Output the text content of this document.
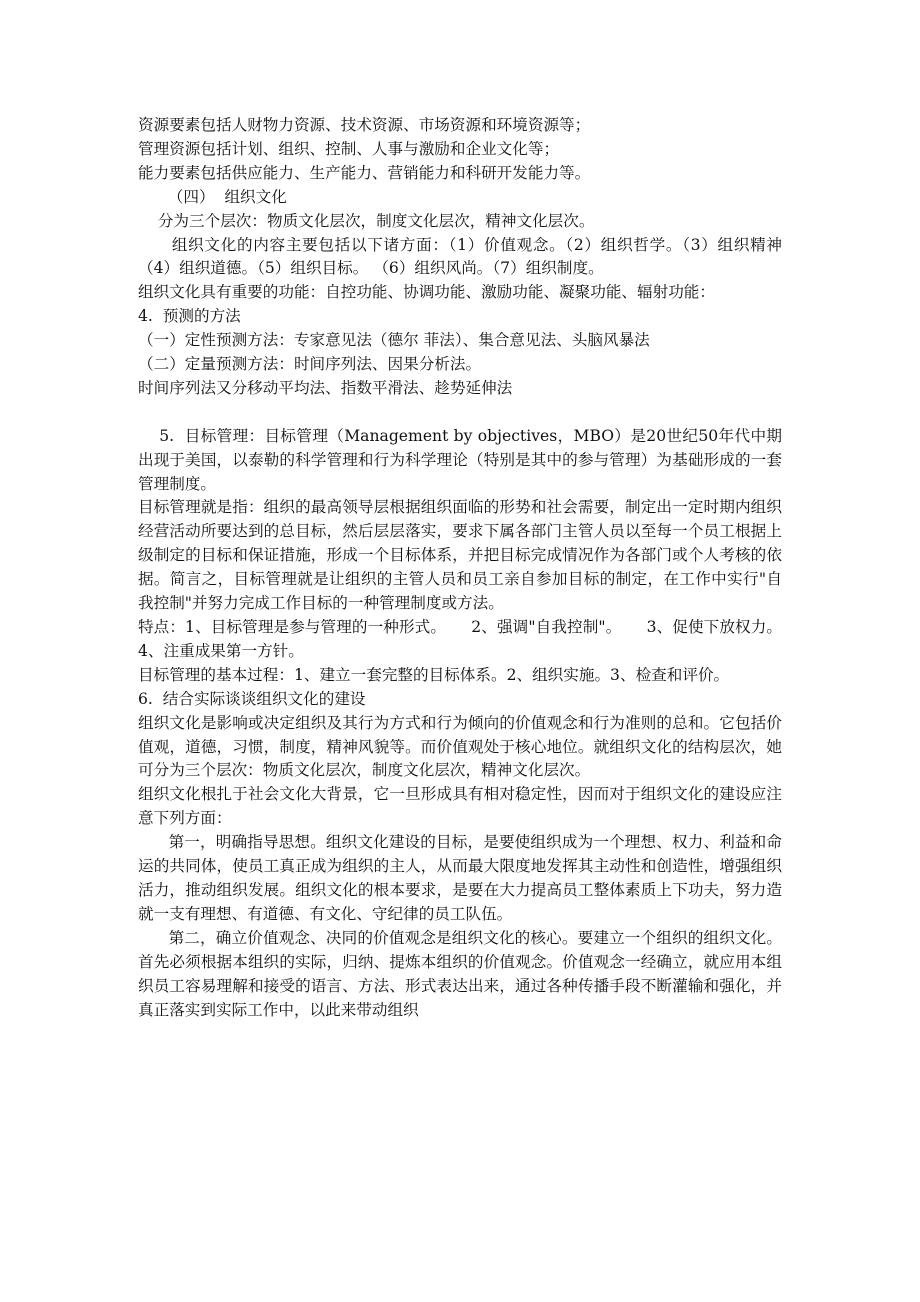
资源要素包括人财物力资源、技术资源、市场资源和环境资源等；

管理资源包括计划、组织、控制、人事与激励和企业文化等；

能力要素包括供应能力、生产能力、营销能力和科研开发能力等。

（四）  组织文化

分为三个层次：物质文化层次，制度文化层次，精神文化层次。

组织文化的内容主要包括以下诸方面：（1）价值观念。（2）组织哲学。（3）组织精神（4）组织道德。（5）组织目标。 （6）组织风尚。（7）组织制度。

组织文化具有重要的功能：自控功能、协调功能、激励功能、凝聚功能、辐射功能：

4.  预测的方法

（一）定性预测方法：专家意见法（德尔 菲法）、集合意见法、头脑风暴法

（二）定量预测方法：时间序列法、因果分析法。

时间序列法又分移动平均法、指数平滑法、趁势延伸法

5.  目标管理：目标管理（Management by objectives，MBO）是20世纪50年代中期出现于美国，以泰勒的科学管理和行为科学理论（特别是其中的参与管理）为基础形成的一套管理制度。

目标管理就是指：组织的最高领导层根据组织面临的形势和社会需要，制定出一定时期内组织经营活动所要达到的总目标，然后层层落实，要求下属各部门主管人员以至每一个员工根据上级制定的目标和保证措施，形成一个目标体系，并把目标完成情况作为各部门或个人考核的依据。简言之，目标管理就是让组织的主管人员和员工亲自参加目标的制定，在工作中实行"自我控制"并努力完成工作目标的一种管理制度或方法。

特点：1、目标管理是参与管理的一种形式。     2、强调"自我控制"。     3、促使下放权力。   4、注重成果第一方针。

目标管理的基本过程：1、建立一套完整的目标体系。2、组织实施。3、检查和评价。

6.  结合实际谈谈组织文化的建设

组织文化是影响或决定组织及其行为方式和行为倾向的价值观念和行为准则的总和。它包括价值观，道德，习惯，制度，精神风貌等。而价值观处于核心地位。就组织文化的结构层次，她可分为三个层次：物质文化层次，制度文化层次，精神文化层次。

组织文化根扎于社会文化大背景，它一旦形成具有相对稳定性，因而对于组织文化的建设应注意下列方面：

第一，明确指导思想。组织文化建设的目标，是要使组织成为一个理想、权力、利益和命运的共同体，使员工真正成为组织的主人，从而最大限度地发挥其主动性和创造性，增强组织活力，推动组织发展。组织文化的根本要求，是要在大力提高员工整体素质上下功夫，努力造就一支有理想、有道德、有文化、守纪律的员工队伍。

第二，确立价值观念、决同的价值观念是组织文化的核心。要建立一个组织的组织文化。首先必须根据本组织的实际，归纳、提炼本组织的价值观念。价值观念一经确立，就应用本组织员工容易理解和接受的语言、方法、形式表达出来，通过各种传播手段不断灌输和强化，并真正落实到实际工作中，以此来带动组织
